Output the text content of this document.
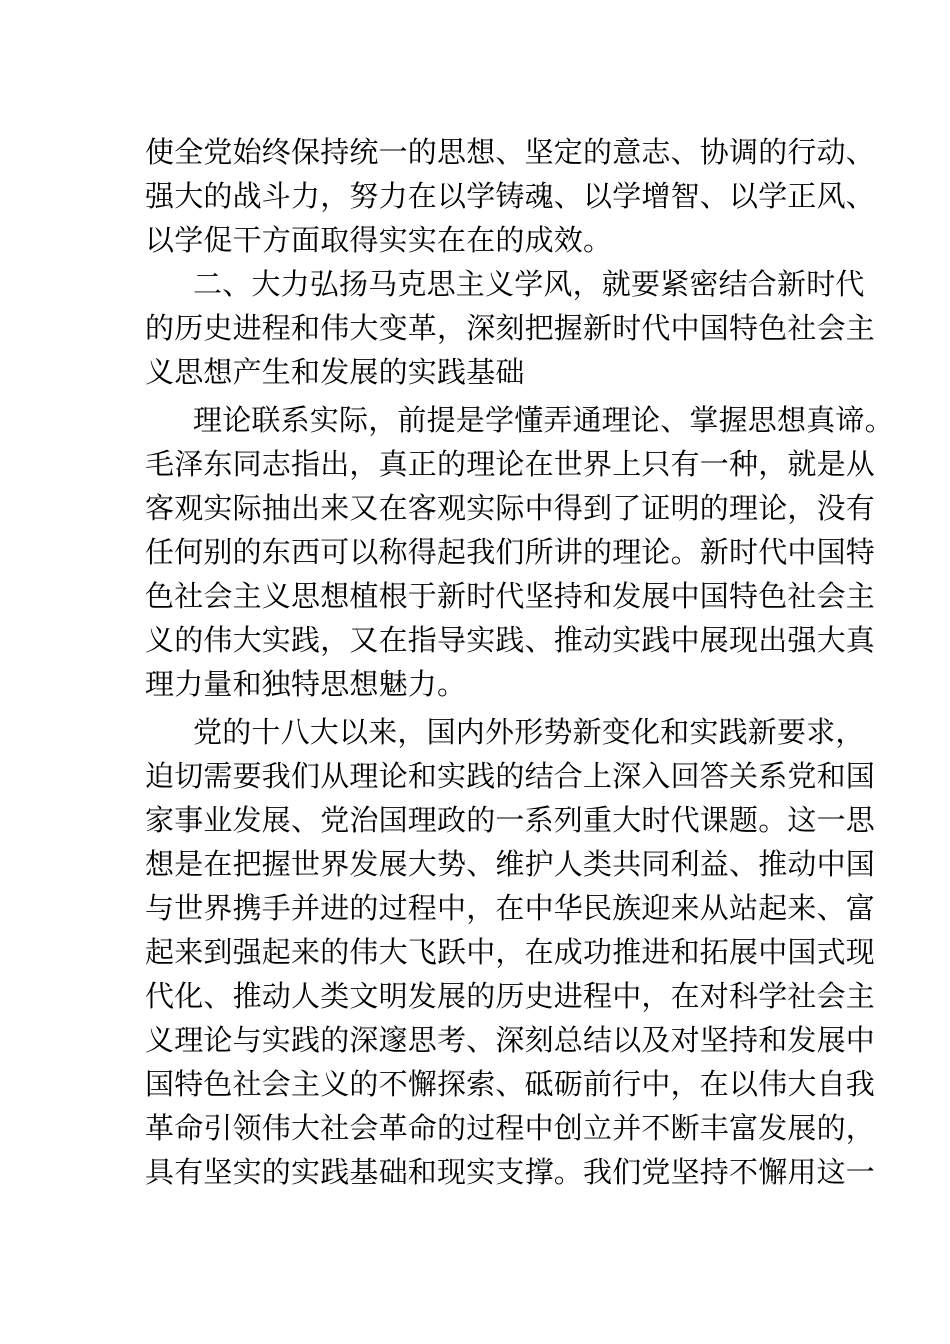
使全党始终保持统一的思想、坚定的意志、协调的行动、
强大的战斗力，努力在以学铸魂、以学增智、以学正风、
以学促干方面取得实实在在的成效。
二、大力弘扬马克思主义学风，就要紧密结合新时代
的历史进程和伟大变革，深刻把握新时代中国特色社会主
义思想产生和发展的实践基础
理论联系实际，前提是学懂弄通理论、掌握思想真谛。
毛泽东同志指出，真正的理论在世界上只有一种，就是从
客观实际抽出来又在客观实际中得到了证明的理论，没有
任何别的东西可以称得起我们所讲的理论。新时代中国特
色社会主义思想植根于新时代坚持和发展中国特色社会主
义的伟大实践，又在指导实践、推动实践中展现出强大真
理力量和独特思想魅力。
党的十八大以来，国内外形势新变化和实践新要求，
迫切需要我们从理论和实践的结合上深入回答关系党和国
家事业发展、党治国理政的一系列重大时代课题。这一思
想是在把握世界发展大势、维护人类共同利益、推动中国
与世界携手并进的过程中，在中华民族迎来从站起来、富
起来到强起来的伟大飞跃中，在成功推进和拓展中国式现
代化、推动人类文明发展的历史进程中，在对科学社会主
义理论与实践的深邃思考、深刻总结以及对坚持和发展中
国特色社会主义的不懈探索、砥砺前行中，在以伟大自我
革命引领伟大社会革命的过程中创立并不断丰富发展的，
具有坚实的实践基础和现实支撑。我们党坚持不懈用这一
